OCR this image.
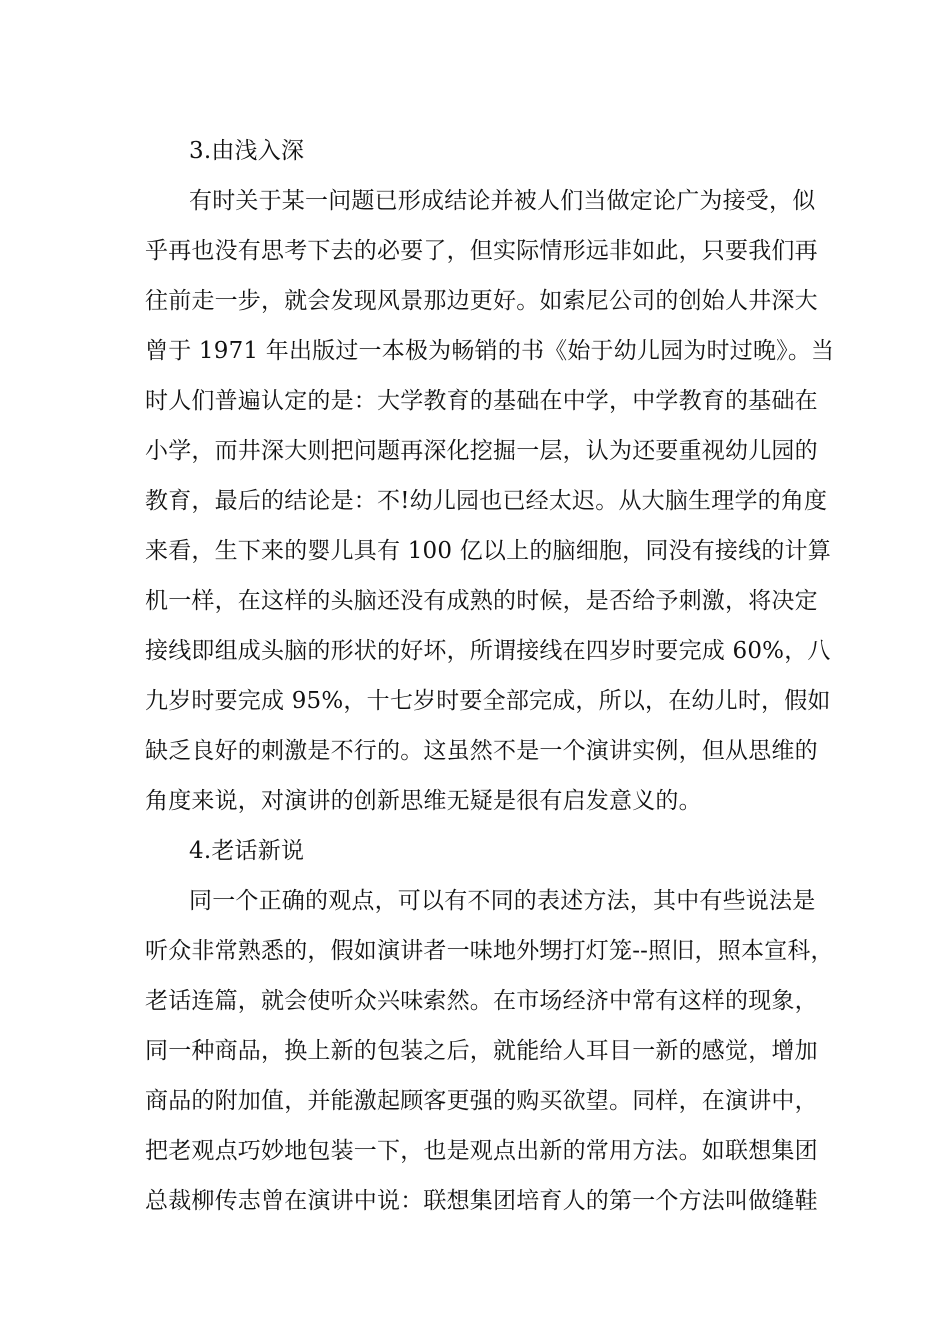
3.由浅入深
有时关于某一问题已形成结论并被人们当做定论广为接受，似
乎再也没有思考下去的必要了，但实际情形远非如此，只要我们再
往前走一步，就会发现风景那边更好。如索尼公司的创始人井深大
曾于 1971 年出版过一本极为畅销的书《始于幼儿园为时过晚》。当
时人们普遍认定的是：大学教育的基础在中学，中学教育的基础在
小学，而井深大则把问题再深化挖掘一层，认为还要重视幼儿园的
教育，最后的结论是：不!幼儿园也已经太迟。从大脑生理学的角度
来看，生下来的婴儿具有 100 亿以上的脑细胞，同没有接线的计算
机一样，在这样的头脑还没有成熟的时候，是否给予刺激，将决定
接线即组成头脑的形状的好坏，所谓接线在四岁时要完成 60%，八
九岁时要完成 95%，十七岁时要全部完成，所以，在幼儿时，假如
缺乏良好的刺激是不行的。这虽然不是一个演讲实例，但从思维的
角度来说，对演讲的创新思维无疑是很有启发意义的。
4.老话新说
同一个正确的观点，可以有不同的表述方法，其中有些说法是
听众非常熟悉的，假如演讲者一味地外甥打灯笼--照旧，照本宣科，
老话连篇，就会使听众兴味索然。在市场经济中常有这样的现象，
同一种商品，换上新的包装之后，就能给人耳目一新的感觉，增加
商品的附加值，并能激起顾客更强的购买欲望。同样，在演讲中，
把老观点巧妙地包装一下，也是观点出新的常用方法。如联想集团
总裁柳传志曾在演讲中说：联想集团培育人的第一个方法叫做缝鞋
